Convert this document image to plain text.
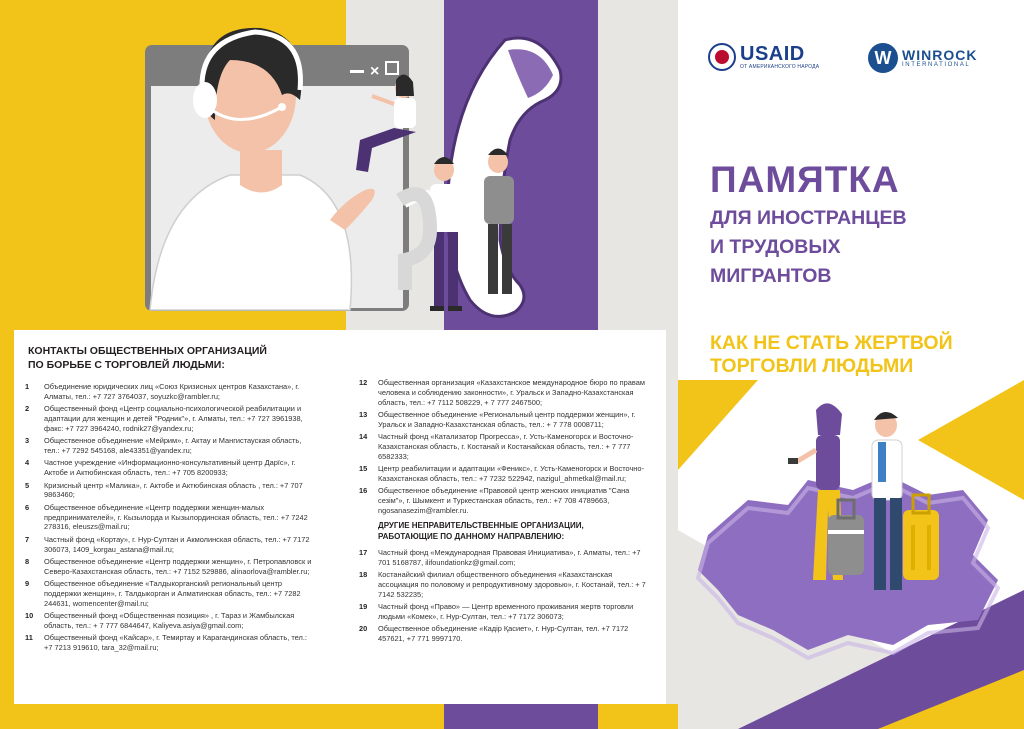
×
КОНТАКТЫ ОБЩЕСТВЕННЫХ ОРГАНИЗАЦИЙ
ПО БОРЬБЕ С ТОРГОВЛЕЙ ЛЮДЬМИ:
1	Объединение юридических лиц «Союз Кризисных центров Казахстана», г. Алматы, тел.: +7 727 3764037, soyuzkc@rambler.ru;
2	Общественный фонд «Центр социально-психологической реабилитации и адаптации для женщин и детей "Родник"», г. Алматы, тел.: +7 727 3961938, факс: +7 727 3964240, rodnik27@yandex.ru;
3	Общественное объединение «Мейрим», г. Актау и Мангистауская область, тел.: +7 7292 545168, ale43351@yandex.ru;
4	Частное учреждение «Информационно-консультативный центр Дарїс», г. Актобе и Актюбинская область, тел.: +7 705 8200933;
5	Кризисный центр «Малика», г. Актобе и Актюбинская область , тел.: +7 707 9863460;
6	Общественное объединение «Центр поддержки женщин-малых предпринимателей», г. Кызылорда и Кызылординская область, тел.: +7 7242 278316, eleuszs@mail.ru;
7	Частный фонд «Кортау», г. Нур-Султан и Акмолинская область, тел.: +7 7172 306073, 1409_korgau_astana@mail.ru;
8	Общественное объединение «Центр поддержки женщин», г. Петропавловск и Северо-Казахстанская область, тел.: +7 7152 529886, alinaorlova@rambler.ru;
9	Общественное объединение «Талдыкорганский региональный центр поддержки женщин», г. Талдыкорган и Алматинская область, тел.: +7 7282 244631, womencenter@mail.ru;
10	Общественный фонд «Общественная позиция» , г. Тараз и Жамбылская область, тел.: + 7 777 6844647, Kaliyeva.asiya@gmail.com;
11	Общественный фонд «Кайсар», г. Темиртау и Карагандинская область, тел.: +7 7213 919610, tara_32@mail.ru;
12	Общественная организация «Казахстанское международное бюро по правам человека и соблюдению законности», г. Уральск и Западно-Казахстанская область, тел.: +7 7112 508229, + 7 777 2467500;
13	Общественное объединение «Региональный центр поддержки женщин», г. Уральск и Западно-Казахстанская область, тел.: + 7 778 0008711;
14	Частный фонд «Катализатор Прогресса», г. Усть-Каменогорск и Восточно-Казахстанская область, г. Костанай и Костанайская область, тел.: + 7 777 6582333;
15	Центр реабилитации и адаптации «Феникс», г. Усть-Каменогорск и Восточно-Казахстанская область, тел.: +7 7232 522942, nazigul_ahmetkal@mail.ru;
16	Общественное объединение «Правовой центр женских инициатив "Сана сезім"», г. Шымкент и Туркестанская область, тел.: +7 708 4789663, ngosanasezim@rambler.ru.
ДРУГИЕ НЕПРАВИТЕЛЬСТВЕННЫЕ ОРГАНИЗАЦИИ,
РАБОТАЮЩИЕ ПО ДАННОМУ НАПРАВЛЕНИЮ:
17	Частный фонд «Международная Правовая Инициатива», г. Алматы, тел.: +7 701 5168787, ilifoundationkz@gmail.com;
18	Костанайский филиал общественного объединения «Казахстанская ассоциация по половому и репродуктивному здоровью», г. Костанай, тел.: + 7 7142 532235;
19	Частный фонд «Право» — Центр временного проживания жертв торговли людьми «Комек», г. Нур-Султан, тел.: +7 7172 306073;
20	Общественное объединение «Кадір Қасиет», г. Нур-Султан, тел. +7 7172 457621, +7 771 9997170.
USAID
ОТ АМЕРИКАНСКОГО НАРОДА	W WINROCK
INTERNATIONAL
ПАМЯТКА
ДЛЯ ИНОСТРАНЦЕВ
И ТРУДОВЫХ
МИГРАНТОВ
КАК НЕ СТАТЬ ЖЕРТВОЙ
ТОРГОВЛИ ЛЮДЬМИ
